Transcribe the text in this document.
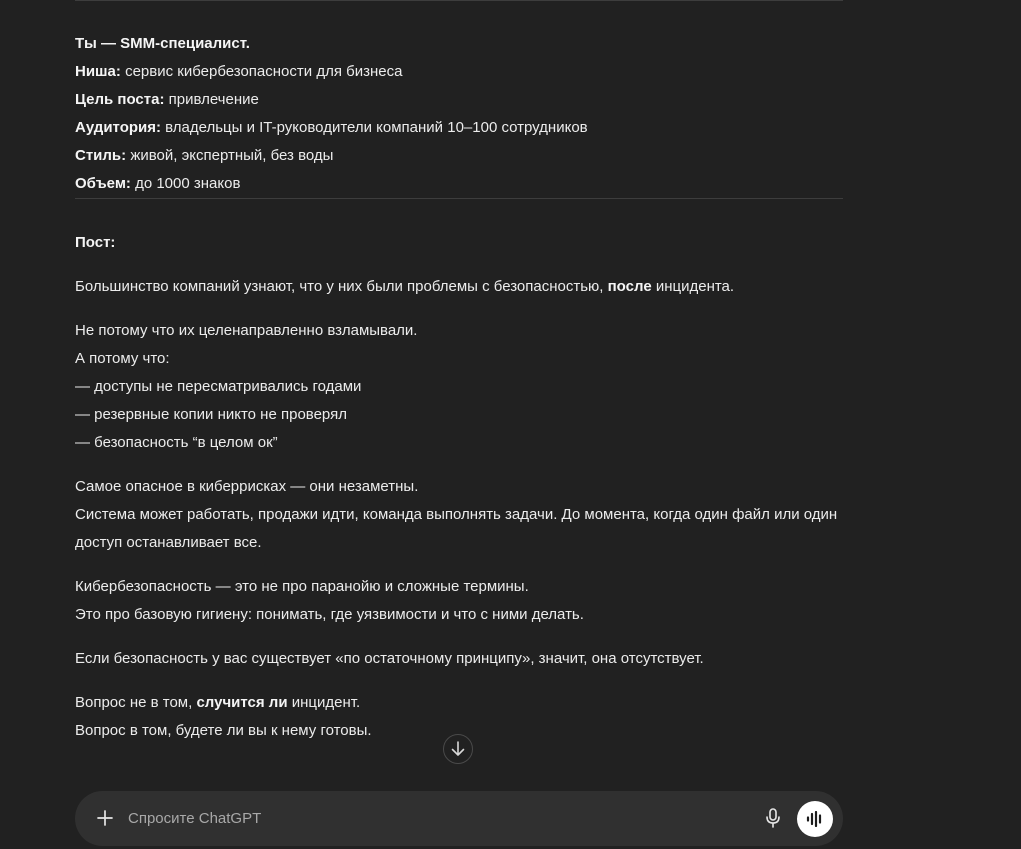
Ты — SMM-специалист.
Ниша: сервис кибербезопасности для бизнеса
Цель поста: привлечение
Аудитория: владельцы и IT-руководители компаний 10–100 сотрудников
Стиль: живой, экспертный, без воды
Объем: до 1000 знаков

Пост:

Большинство компаний узнают, что у них были проблемы с безопасностью, после инцидента.

Не потому что их целенаправленно взламывали.
А потому что:
— доступы не пересматривались годами
— резервные копии никто не проверял
— безопасность “в целом ок”

Самое опасное в киберрисках — они незаметны.
Система может работать, продажи идти, команда выполнять задачи. До момента, когда один файл или один доступ останавливает все.

Кибербезопасность — это не про паранойю и сложные термины.
Это про базовую гигиену: понимать, где уязвимости и что с ними делать.

Если безопасность у вас существует «по остаточному принципу», значит, она отсутствует.

Вопрос не в том, случится ли инцидент.
Вопрос в том, будете ли вы к нему готовы.

Спросите ChatGPT
